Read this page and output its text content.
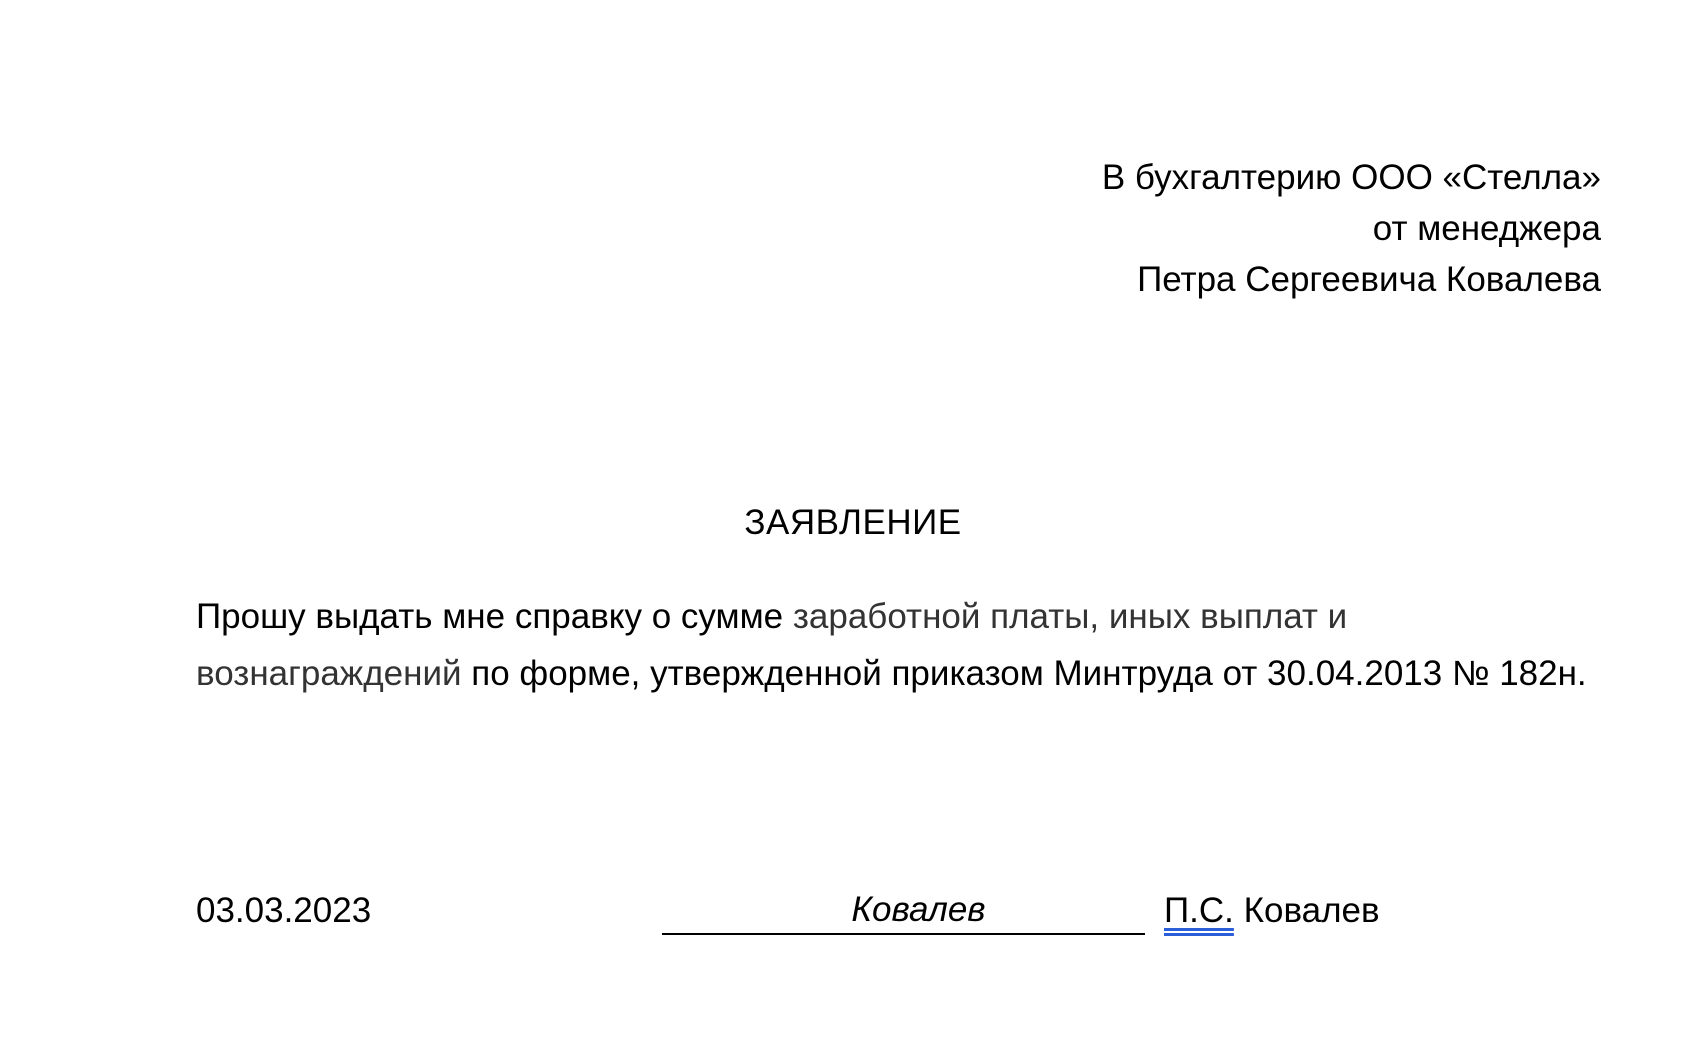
В бухгалтерию ООО «Стелла»
от менеджера
Петра Сергеевича Ковалева
ЗАЯВЛЕНИЕ
Прошу выдать мне справку о сумме заработной платы, иных выплат и вознаграждений по форме, утвержденной приказом Минтруда от 30.04.2013 № 182н.
03.03.2023	Ковалев	П.С. Ковалев
